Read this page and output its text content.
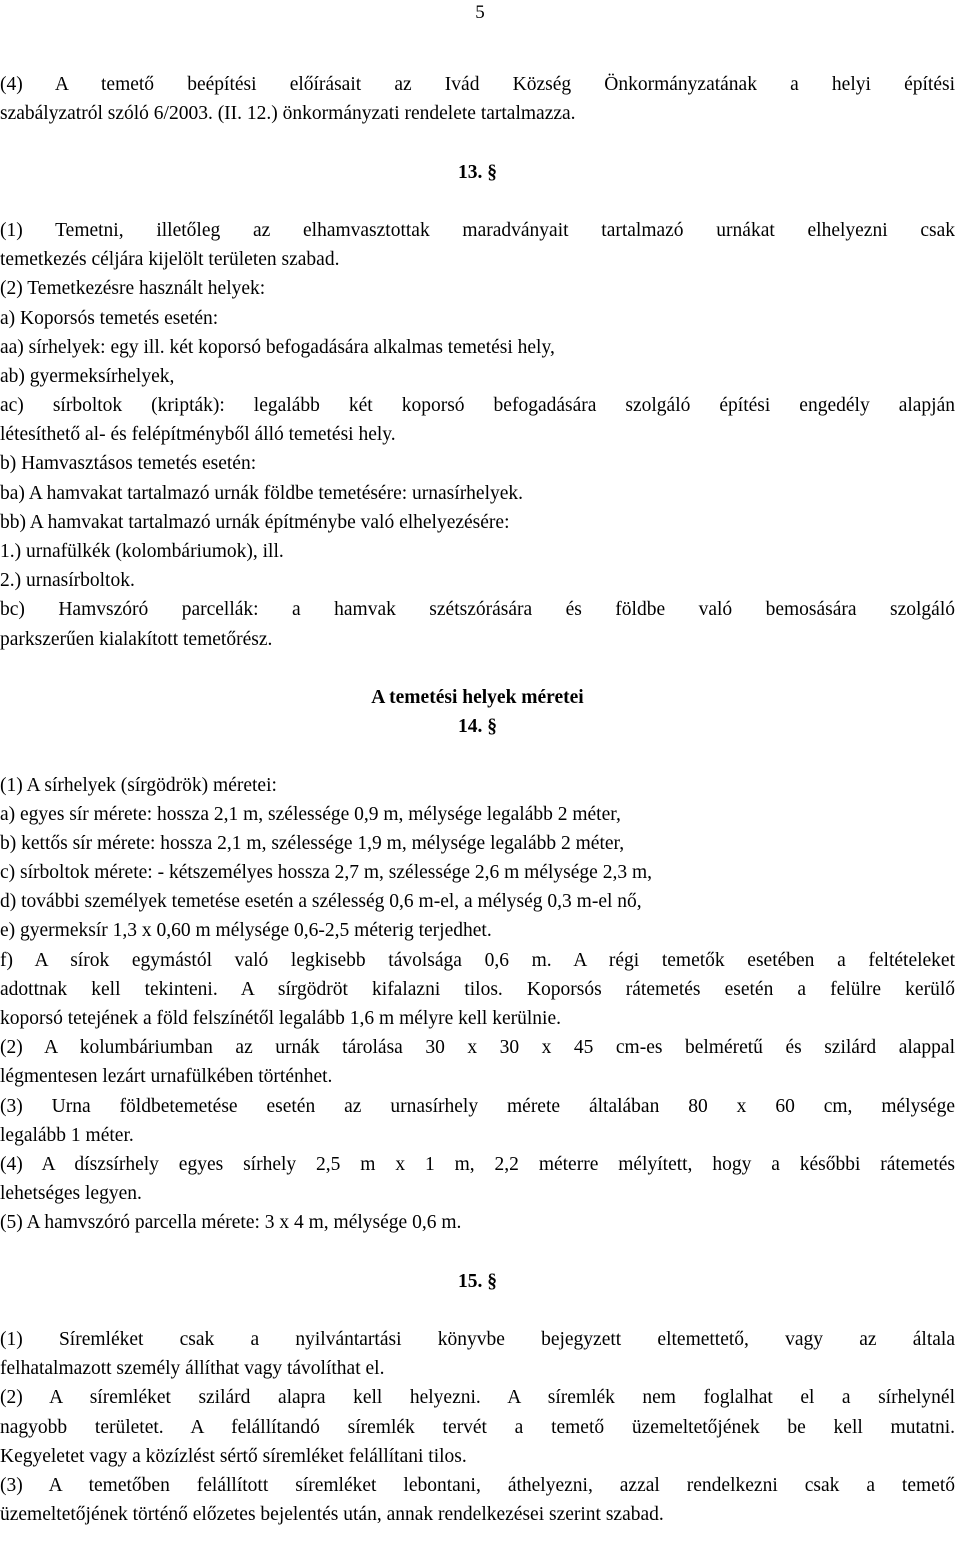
5
(4) A temető beépítési előírásait az Ivád Község Önkormányzatának a helyi építési
szabályzatról szóló 6/2003. (II. 12.) önkormányzati rendelete tartalmazza.
13. §
(1) Temetni, illetőleg az elhamvasztottak maradványait tartalmazó urnákat elhelyezni csak
temetkezés céljára kijelölt területen szabad.
(2) Temetkezésre használt helyek:
a) Koporsós temetés esetén:
aa) sírhelyek: egy ill. két koporsó befogadására alkalmas temetési hely,
ab) gyermeksírhelyek,
ac) sírboltok (kripták): legalább két koporsó befogadására szolgáló építési engedély alapján
létesíthető al- és felépítményből álló temetési hely.
b) Hamvasztásos temetés esetén:
ba) A hamvakat tartalmazó urnák földbe temetésére: urnasírhelyek.
bb) A hamvakat tartalmazó urnák építménybe való elhelyezésére:
1.) urnafülkék (kolombáriumok), ill.
2.) urnasírboltok.
bc) Hamvszóró parcellák: a hamvak szétszórására és földbe való bemosására szolgáló
parkszerűen kialakított temetőrész.
A temetési helyek méretei
14. §
(1) A sírhelyek (sírgödrök) méretei:
a) egyes sír mérete: hossza 2,1 m, szélessége 0,9 m, mélysége legalább 2 méter,
b) kettős sír mérete: hossza 2,1 m, szélessége 1,9 m, mélysége legalább 2 méter,
c) sírboltok mérete: - kétszemélyes hossza 2,7 m, szélessége 2,6 m mélysége 2,3 m,
d) további személyek temetése esetén a szélesség 0,6 m-el, a mélység 0,3 m-el nő,
e) gyermeksír 1,3 x 0,60 m mélysége 0,6-2,5 méterig terjedhet.
f) A sírok egymástól való legkisebb távolsága 0,6 m. A régi temetők esetében a feltételeket
adottnak kell tekinteni. A sírgödröt kifalazni tilos. Koporsós rátemetés esetén a felülre kerülő
koporsó tetejének a föld felszínétől legalább 1,6 m mélyre kell kerülnie.
(2) A kolumbáriumban az urnák tárolása 30 x 30 x 45 cm-es belméretű és szilárd alappal
légmentesen lezárt urnafülkében történhet.
(3) Urna földbetemetése esetén az urnasírhely mérete általában 80 x 60 cm, mélysége
legalább 1 méter.
(4) A díszsírhely egyes sírhely 2,5 m x 1 m, 2,2 méterre mélyített, hogy a későbbi rátemetés
lehetséges legyen.
(5) A hamvszóró parcella mérete: 3 x 4 m, mélysége 0,6 m.
15. §
(1) Síremléket csak a nyilvántartási könyvbe bejegyzett eltemettető, vagy az általa
felhatalmazott személy állíthat vagy távolíthat el.
(2) A síremléket szilárd alapra kell helyezni. A síremlék nem foglalhat el a sírhelynél
nagyobb területet. A felállítandó síremlék tervét a temető üzemeltetőjének be kell mutatni.
Kegyeletet vagy a közízlést sértő síremléket felállítani tilos.
(3) A temetőben felállított síremléket lebontani, áthelyezni, azzal rendelkezni csak a temető
üzemeltetőjének történő előzetes bejelentés után, annak rendelkezései szerint szabad.
